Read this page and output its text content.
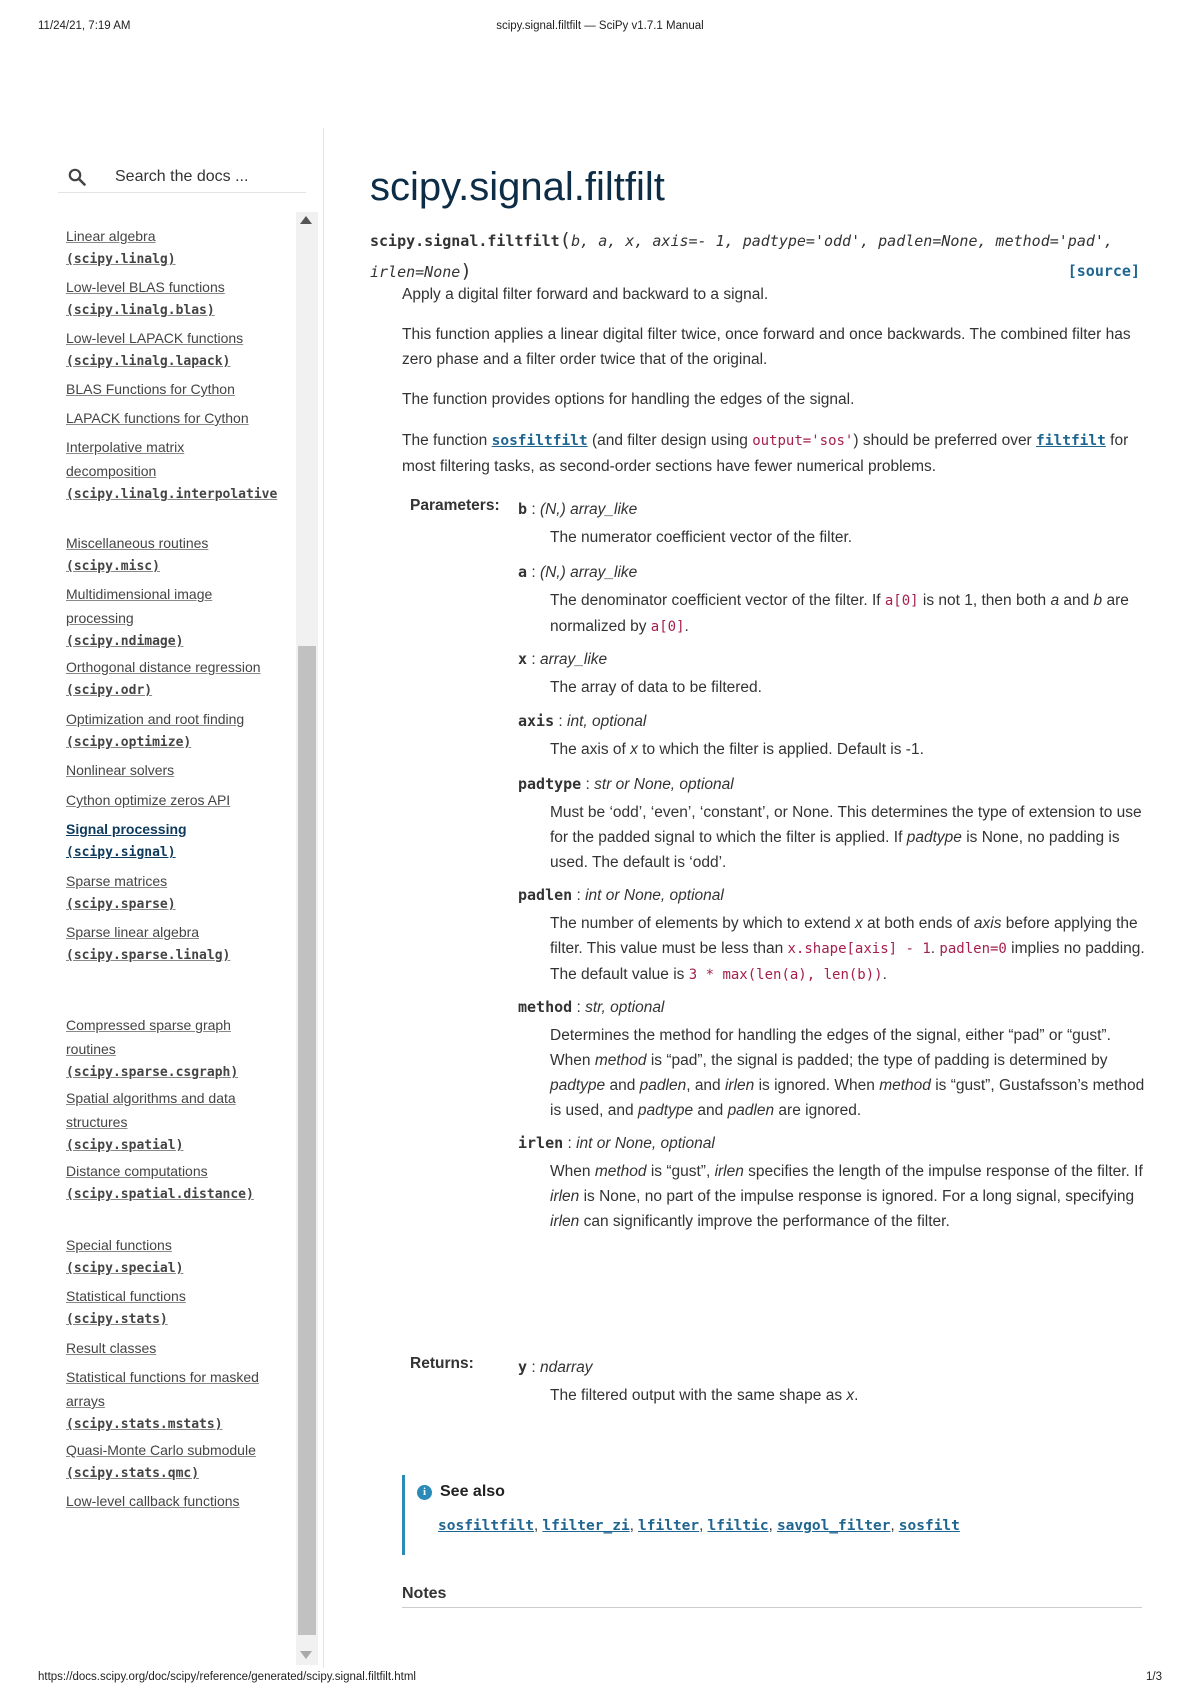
11/24/21, 7:19 AM	scipy.signal.filtfilt — SciPy v1.7.1 Manual
Search the docs ...
Linear algebra
(scipy.linalg)
Low-level BLAS functions
(scipy.linalg.blas)
Low-level LAPACK functions
(scipy.linalg.lapack)
BLAS Functions for Cython
LAPACK functions for Cython
Interpolative matrix
decomposition
(scipy.linalg.interpolative
Miscellaneous routines
(scipy.misc)
Multidimensional image
processing
(scipy.ndimage)
Orthogonal distance regression
(scipy.odr)
Optimization and root finding
(scipy.optimize)
Nonlinear solvers
Cython optimize zeros API
Signal processing
(scipy.signal)
Sparse matrices
(scipy.sparse)
Sparse linear algebra
(scipy.sparse.linalg)
Compressed sparse graph
routines
(scipy.sparse.csgraph)
Spatial algorithms and data
structures
(scipy.spatial)
Distance computations
(scipy.spatial.distance)
Special functions
(scipy.special)
Statistical functions
(scipy.stats)
Result classes
Statistical functions for masked
arrays
(scipy.stats.mstats)
Quasi-Monte Carlo submodule
(scipy.stats.qmc)
Low-level callback functions
scipy.signal.filtfilt
scipy.signal.filtfilt(b, a, x, axis=- 1, padtype='odd', padlen=None, method='pad',
irlen=None)	[source]
Apply a digital filter forward and backward to a signal.
This function applies a linear digital filter twice, once forward and once backwards. The combined filter has zero phase and a filter order twice that of the original.
The function provides options for handling the edges of the signal.
The function sosfiltfilt (and filter design using output='sos') should be preferred over filtfilt for most filtering tasks, as second-order sections have fewer numerical problems.
Parameters: b : (N,) array_like
The numerator coefficient vector of the filter.
a : (N,) array_like
The denominator coefficient vector of the filter. If a[0] is not 1, then both a and b are normalized by a[0].
x : array_like
The array of data to be filtered.
axis : int, optional
The axis of x to which the filter is applied. Default is -1.
padtype : str or None, optional
Must be ‘odd’, ‘even’, ‘constant’, or None. This determines the type of extension to use for the padded signal to which the filter is applied. If padtype is None, no padding is used. The default is ‘odd’.
padlen : int or None, optional
The number of elements by which to extend x at both ends of axis before applying the filter. This value must be less than x.shape[axis] - 1. padlen=0 implies no padding. The default value is 3 * max(len(a), len(b)).
method : str, optional
Determines the method for handling the edges of the signal, either “pad” or “gust”. When method is “pad”, the signal is padded; the type of padding is determined by padtype and padlen, and irlen is ignored. When method is “gust”, Gustafsson’s method is used, and padtype and padlen are ignored.
irlen : int or None, optional
When method is “gust”, irlen specifies the length of the impulse response of the filter. If irlen is None, no part of the impulse response is ignored. For a long signal, specifying irlen can significantly improve the performance of the filter.
Returns:	y : ndarray
The filtered output with the same shape as x.
i See also
sosfiltfilt, lfilter_zi, lfilter, lfiltic, savgol_filter, sosfilt
Notes
https://docs.scipy.org/doc/scipy/reference/generated/scipy.signal.filtfilt.html	1/3
